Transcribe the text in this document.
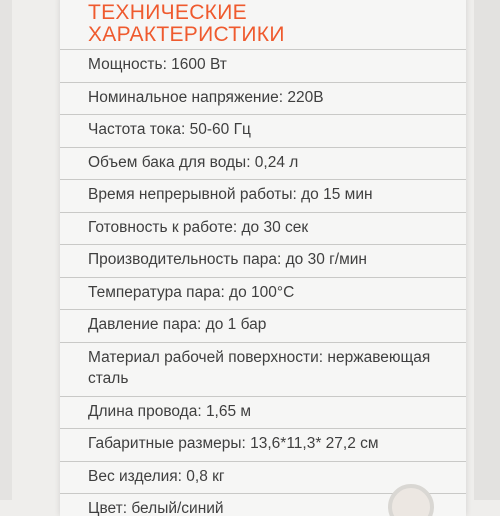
ТЕХНИЧЕСКИЕ
ХАРАКТЕРИСТИКИ
Мощность: 1600 Вт
Номинальное напряжение: 220В
Частота тока: 50-60 Гц
Объем бака для воды: 0,24 л
Время непрерывной работы: до 15 мин
Готовность к работе: до 30 сек
Производительность пара: до 30 г/мин
Температура пара: до 100°С
Давление пара: до 1 бар
Материал рабочей поверхности: нержавеющая сталь
Длина провода: 1,65 м
Габаритные размеры: 13,6*11,3* 27,2 см
Вес изделия: 0,8 кг
Цвет: белый/синий
